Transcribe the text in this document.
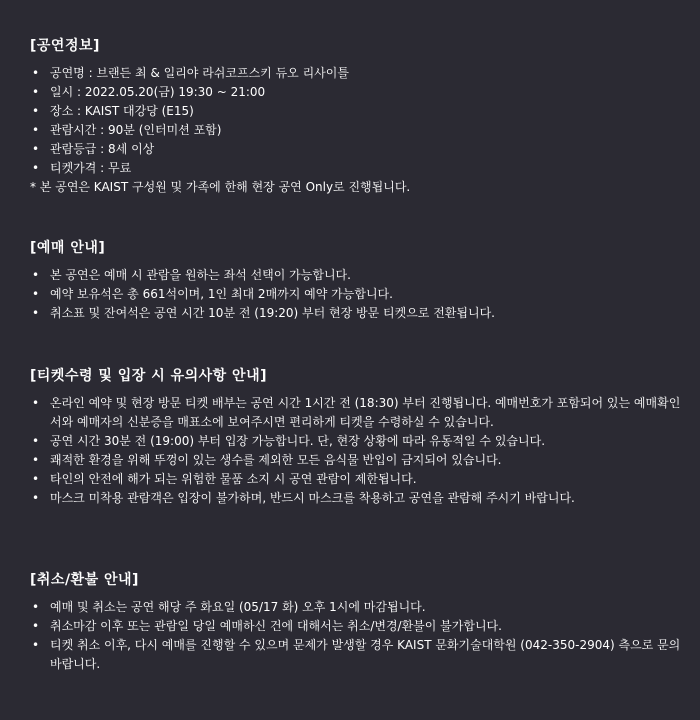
[공연정보]
• 공연명 : 브랜든 최 & 일리야 라쉬코프스키 듀오 리사이틀
• 일시 : 2022.05.20(금) 19:30 ~ 21:00
• 장소 : KAIST 대강당 (E15)
• 관람시간 : 90분 (인터미션 포함)
• 관람등급 : 8세 이상
• 티켓가격 : 무료

* 본 공연은 KAIST 구성원 및 가족에 한해 현장 공연 Only로 진행됩니다.

[예매 안내]
• 본 공연은 예매 시 관람을 원하는 좌석 선택이 가능합니다.
• 예약 보유석은 총 661석이며, 1인 최대 2매까지 예약 가능합니다.
• 취소표 및 잔여석은 공연 시간 10분 전 (19:20) 부터 현장 방문 티켓으로 전환됩니다.
[티켓수령 및 입장 시 유의사항 안내]
• 온라인 예약 및 현장 방문 티켓 배부는 공연 시간 1시간 전 (18:30) 부터 진행됩니다. 예매번호가 포함되어 있는 예매확인서와 예매자의 신분증을 매표소에 보여주시면 편리하게 티켓을 수령하실 수 있습니다.
• 공연 시간 30분 전 (19:00) 부터 입장 가능합니다. 단, 현장 상황에 따라 유동적일 수 있습니다.
• 쾌적한 환경을 위해 뚜껑이 있는 생수를 제외한 모든 음식물 반입이 금지되어 있습니다.
• 타인의 안전에 해가 되는 위험한 물품 소지 시 공연 관람이 제한됩니다.
• 마스크 미착용 관람객은 입장이 불가하며, 반드시 마스크를 착용하고 공연을 관람해 주시기 바랍니다.
[취소/환불 안내]
• 예매 및 취소는 공연 해당 주 화요일 (05/17 화) 오후 1시에 마감됩니다.
• 취소마감 이후 또는 관람일 당일 예매하신 건에 대해서는 취소/변경/환불이 불가합니다.
• 티켓 취소 이후, 다시 예매를 진행할 수 있으며 문제가 발생할 경우 KAIST 문화기술대학원 (042-350-2904) 측으로 문의 바랍니다.
